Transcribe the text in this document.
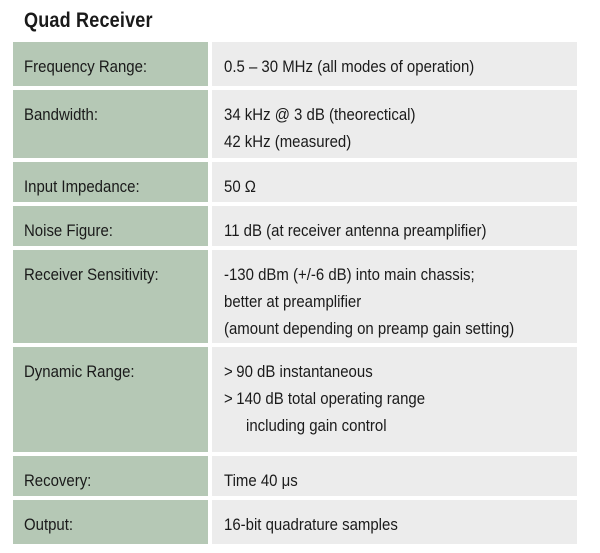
Quad Receiver
Frequency Range:	0.5 – 30 MHz (all modes of operation)
Bandwidth:	34 kHz @ 3 dB (theorectical)
42 kHz (measured)
Input Impedance:	50 Ω
Noise Figure:	11 dB (at receiver antenna preamplifier)
Receiver Sensitivity:	-130 dBm (+/-6 dB) into main chassis;
better at preamplifier
(amount depending on preamp gain setting)
Dynamic Range:	> 90 dB instantaneous
> 140 dB total operating range
including gain control
Recovery:	Time 40 μs
Output:	16-bit quadrature samples
